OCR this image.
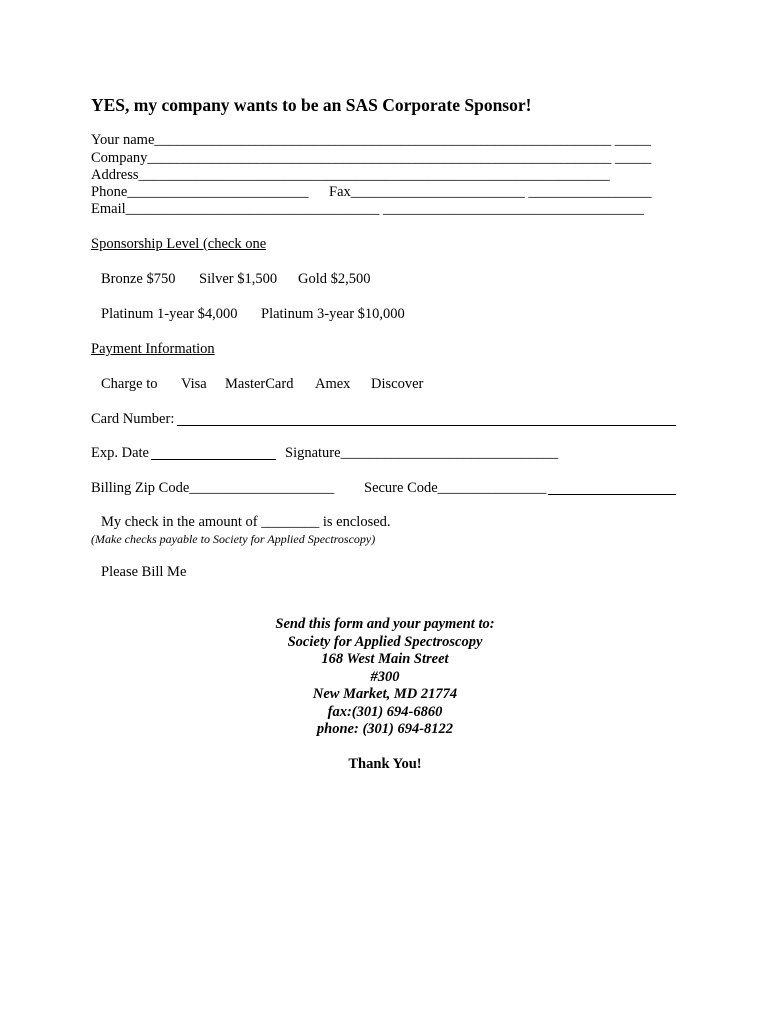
YES, my company wants to be an SAS Corporate Sponsor!
Your name_______________________________________________________________ _____
Company________________________________________________________________ _____
Address_________________________________________________________________
Phone_________________________ Fax________________________ _________________
Email___________________________________ ____________________________________
Sponsorship Level (check one
Bronze $750	Silver $1,500	Gold $2,500
Platinum 1-year $4,000	Platinum 3-year $10,000
Payment Information
Charge to Visa MasterCard Amex Discover
Card Number:
Exp. Date	Signature______________________________
Billing Zip Code____________________ Secure Code_______________
My check in the amount of ________ is enclosed.
(Make checks payable to Society for Applied Spectroscopy)
Please Bill Me
Send this form and your payment to:
Society for Applied Spectroscopy
168 West Main Street
#300
New Market, MD 21774
fax:(301) 694-6860
phone: (301) 694-8122
Thank You!
